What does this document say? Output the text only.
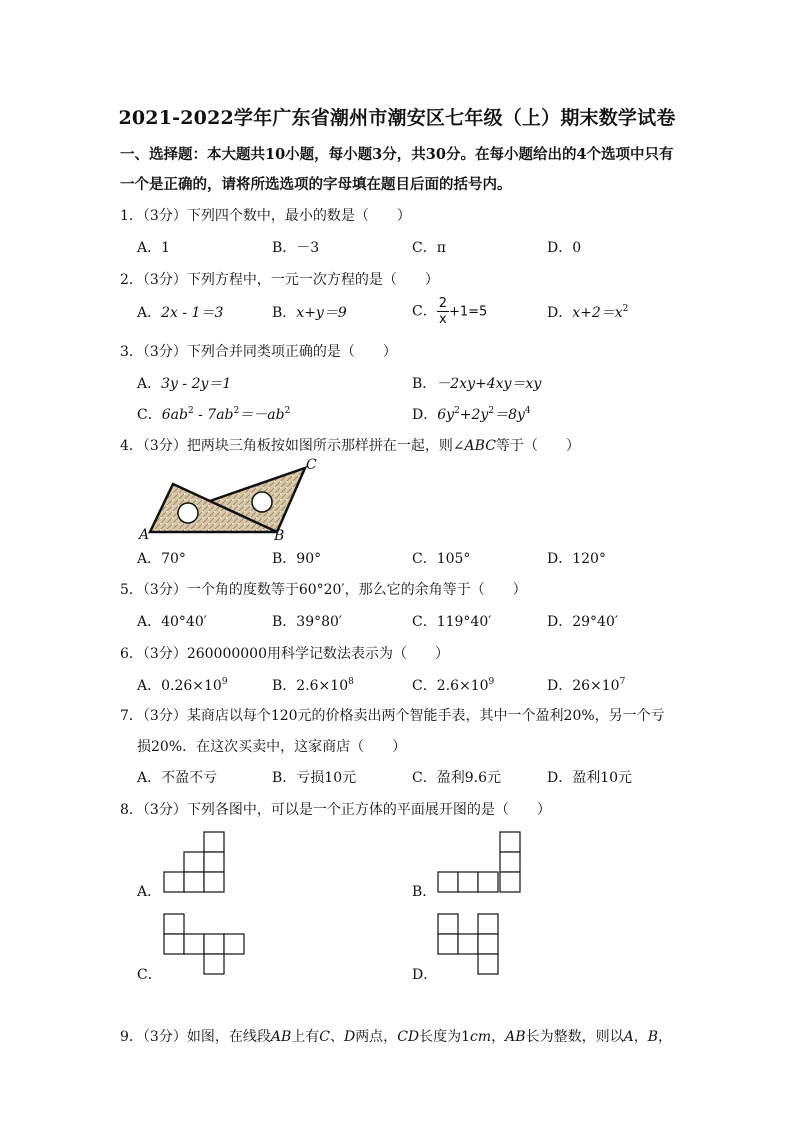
2021-2022学年广东省潮州市潮安区七年级（上）期末数学试卷
一、选择题：本大题共10小题，每小题3分，共30分。在每小题给出的4个选项中只有
一个是正确的，请将所选选项的字母填在题目后面的括号内。
1．（3分）下列四个数中，最小的数是（　　）
A．1	B．－3	C．π	D．0
2．（3分）下列方程中，一元一次方程的是（　　）
A．2x - 1＝3	B．x+y＝9	C． $\frac{2}{x} +1=5$	D．$x+2=x^2$
3．（3分）下列合并同类项正确的是（　　）
A．3y - 2y＝1	B．－2xy+4xy＝xy
C．$6ab^2 - 7ab^2=-ab^2$	D．$6y^2+2y^2=8y^4$
4．（3分）把两块三角板按如图所示那样拼在一起，则∠ABC等于（　　）
A	B
C
A．70°	B．90°	C．105°	D．120°
5．（3分）一个角的度数等于60°20′，那么它的余角等于（　　）
A．40°40′	B．39°80′	C．119°40′	D．29°40′
6．（3分）260000000用科学记数法表示为（　　）
A．$0.26\times 10^9$	B．$2.6\times 10^8$	C．$2.6\times 10^9$	D．$26\times 10^7$
7．（3分）某商店以每个120元的价格卖出两个智能手表，其中一个盈利20%，另一个亏
损20%．在这次买卖中，这家商店（　　）
A．不盈不亏	B．亏损10元	C．盈利9.6元	D．盈利10元
8．（3分）下列各图中，可以是一个正方体的平面展开图的是（　　）
A．	B．
C．	D．
9．（3分）如图，在线段AB上有C、D两点，CD长度为1cm，AB长为整数，则以A，B，
